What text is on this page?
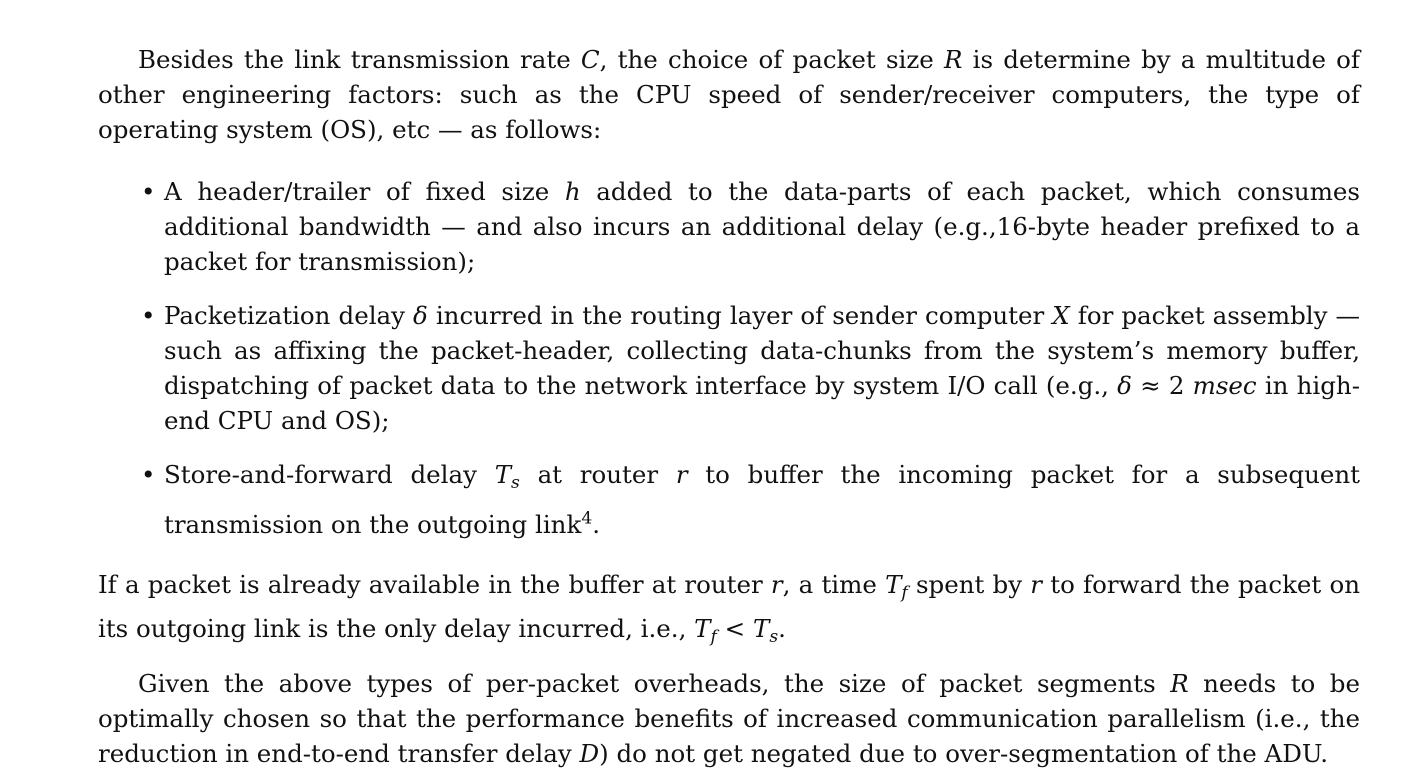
Besides the link transmission rate C, the choice of packet size R is determine by a multitude of other engineering factors: such as the CPU speed of sender/receiver computers, the type of operating system (OS), etc — as follows:

• A header/trailer of fixed size h added to the data-parts of each packet, which consumes additional bandwidth — and also incurs an additional delay (e.g.,16-byte header prefixed to a packet for transmission);
• Packetization delay δ incurred in the routing layer of sender computer X for packet assembly — such as affixing the packet-header, collecting data-chunks from the system’s memory buffer, dispatching of packet data to the network interface by system I/O call (e.g., δ ≈ 2 msec in high-end CPU and OS);
• Store-and-forward delay $T_s$ at router r to buffer the incoming packet for a subsequent transmission on the outgoing link$^4$.

If a packet is already available in the buffer at router r, a time $T_f$ spent by r to forward the packet on its outgoing link is the only delay incurred, i.e., $T_f < T_s$.

Given the above types of per-packet overheads, the size of packet segments R needs to be optimally chosen so that the performance benefits of increased communication parallelism (i.e., the reduction in end-to-end transfer delay D) do not get negated due to over-segmentation of the ADU.
